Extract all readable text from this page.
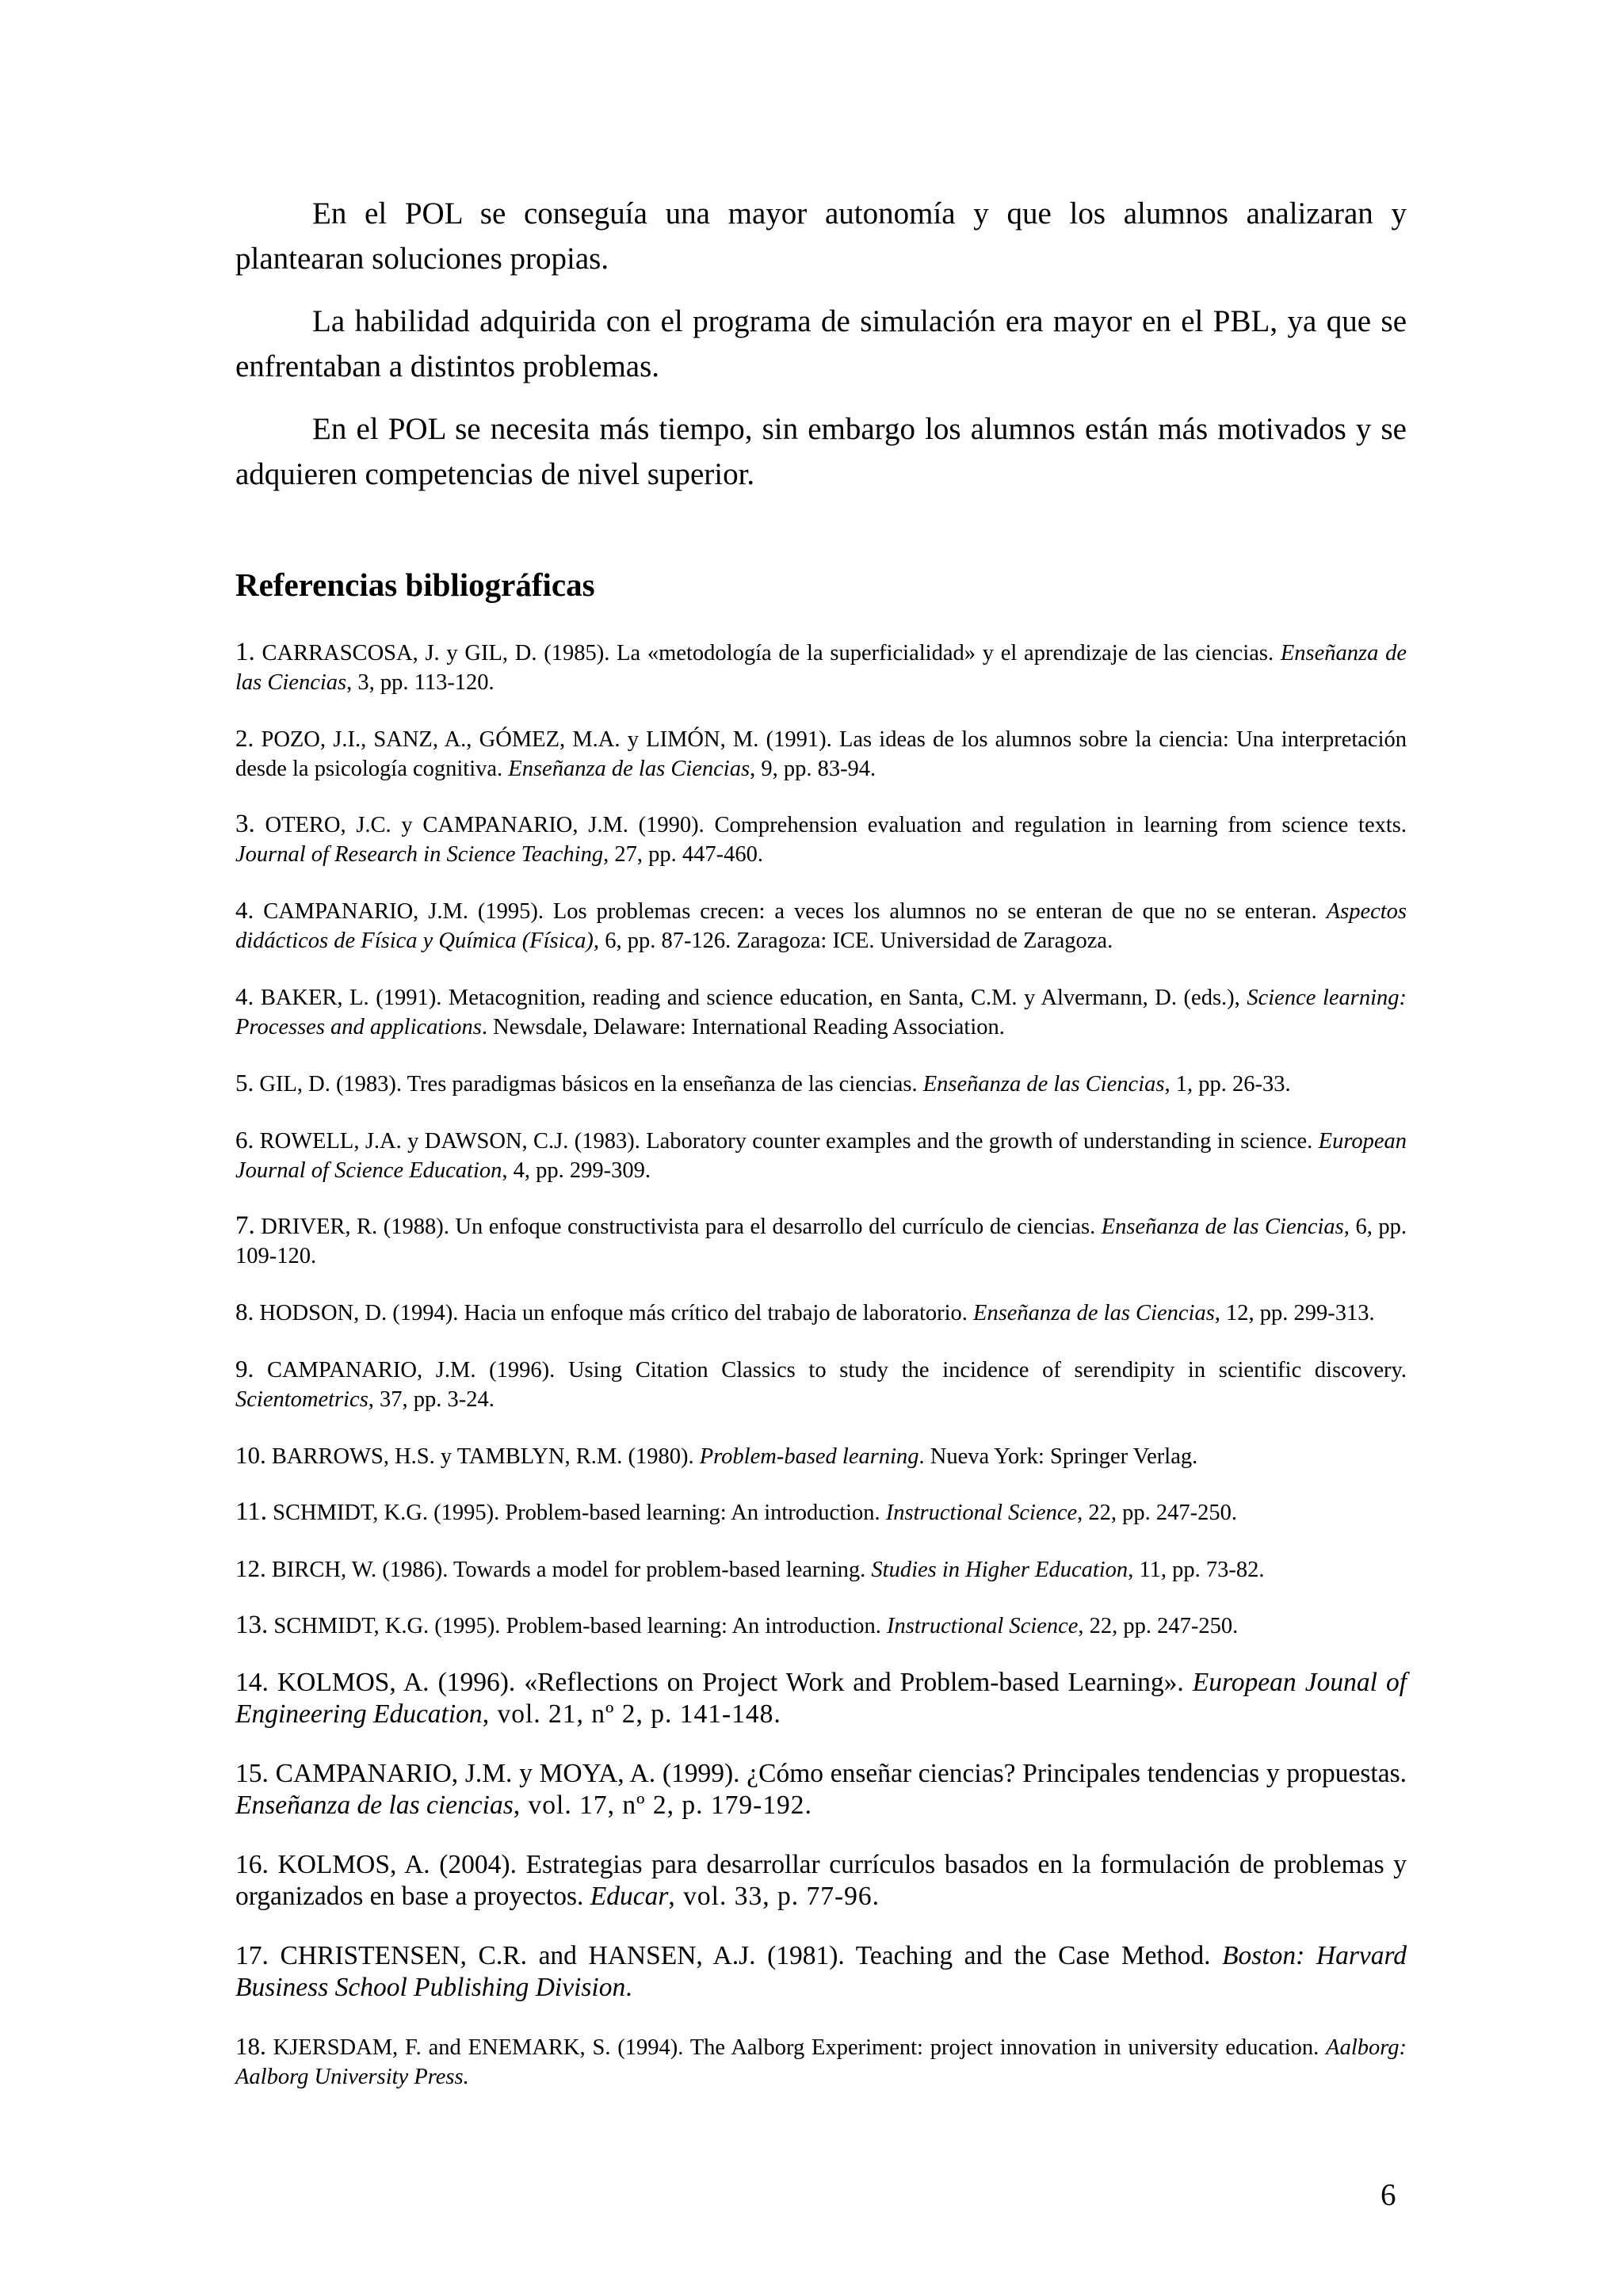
En el POL se conseguía una mayor autonomía y que los alumnos analizaran y plantearan soluciones propias.

La habilidad adquirida con el programa de simulación era mayor en el PBL, ya que se enfrentaban a distintos problemas.

En el POL se necesita más tiempo, sin embargo los alumnos están más motivados y se adquieren competencias de nivel superior.

Referencias bibliográficas

1. CARRASCOSA, J. y GIL, D. (1985). La «metodología de la superficialidad» y el aprendizaje de las ciencias. Enseñanza de las Ciencias, 3, pp. 113-120.

2. POZO, J.I., SANZ, A., GÓMEZ, M.A. y LIMÓN, M. (1991). Las ideas de los alumnos sobre la ciencia: Una interpretación desde la psicología cognitiva. Enseñanza de las Ciencias, 9, pp. 83-94.

3. OTERO, J.C. y CAMPANARIO, J.M. (1990). Comprehension evaluation and regulation in learning from science texts. Journal of Research in Science Teaching, 27, pp. 447-460.

4. CAMPANARIO, J.M. (1995). Los problemas crecen: a veces los alumnos no se enteran de que no se enteran. Aspectos didácticos de Física y Química (Física), 6, pp. 87-126. Zaragoza: ICE. Universidad de Zaragoza.

4. BAKER, L. (1991). Metacognition, reading and science education, en Santa, C.M. y Alvermann, D. (eds.), Science learning: Processes and applications. Newsdale, Delaware: International Reading Association.

5. GIL, D. (1983). Tres paradigmas básicos en la enseñanza de las ciencias. Enseñanza de las Ciencias, 1, pp. 26-33.

6. ROWELL, J.A. y DAWSON, C.J. (1983). Laboratory counter examples and the growth of understanding in science. European Journal of Science Education, 4, pp. 299-309.

7. DRIVER, R. (1988). Un enfoque constructivista para el desarrollo del currículo de ciencias. Enseñanza de las Ciencias, 6, pp. 109-120.

8. HODSON, D. (1994). Hacia un enfoque más crítico del trabajo de laboratorio. Enseñanza de las Ciencias, 12, pp. 299-313.

9. CAMPANARIO, J.M. (1996). Using Citation Classics to study the incidence of serendipity in scientific discovery. Scientometrics, 37, pp. 3-24.

10. BARROWS, H.S. y TAMBLYN, R.M. (1980). Problem-based learning. Nueva York: Springer Verlag.

11. SCHMIDT, K.G. (1995). Problem-based learning: An introduction. Instructional Science, 22, pp. 247-250.

12. BIRCH, W. (1986). Towards a model for problem-based learning. Studies in Higher Education, 11, pp. 73-82.

13. SCHMIDT, K.G. (1995). Problem-based learning: An introduction. Instructional Science, 22, pp. 247-250.

14. KOLMOS, A. (1996). «Reflections on Project Work and Problem-based Learning». European Jounal of Engineering Education, vol. 21, nº 2, p. 141-148.

15. CAMPANARIO, J.M. y MOYA, A. (1999). ¿Cómo enseñar ciencias? Principales tendencias y propuestas. Enseñanza de las ciencias, vol. 17, nº 2, p. 179-192.

16. KOLMOS, A. (2004). Estrategias para desarrollar currículos basados en la formulación de problemas y organizados en base a proyectos. Educar, vol. 33, p. 77-96.

17. CHRISTENSEN, C.R. and HANSEN, A.J. (1981). Teaching and the Case Method. Boston: Harvard Business School Publishing Division.

18. KJERSDAM, F. and ENEMARK, S. (1994). The Aalborg Experiment: project innovation in university education. Aalborg: Aalborg University Press.

6
